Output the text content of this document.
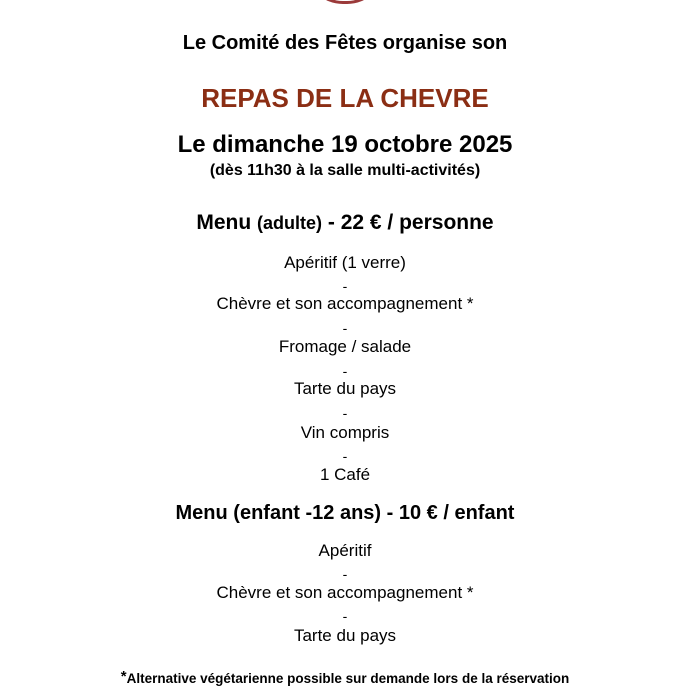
Le Comité des Fêtes organise son
REPAS DE LA CHEVRE
Le dimanche 19 octobre 2025
(dès 11h30 à la salle multi-activités)
Menu (adulte) - 22 € / personne
Apéritif (1 verre)
-
Chèvre et son accompagnement *
-
Fromage / salade
-
Tarte du pays
-
Vin compris
-
1 Café
Menu (enfant -12 ans) - 10 € / enfant
Apéritif
-
Chèvre et son accompagnement *
-
Tarte du pays
*Alternative végétarienne possible sur demande lors de la réservation
